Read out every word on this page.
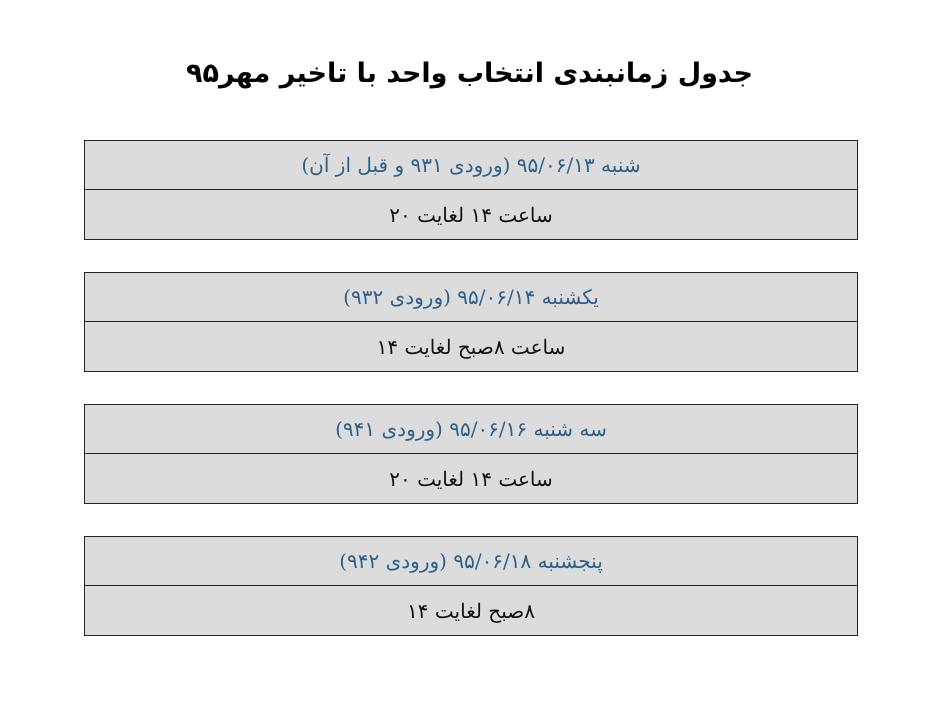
جدول زمانبندی انتخاب واحد با تاخیر مهر۹۵
شنبه ۹۵/۰۶/۱۳ (ورودی ۹۳۱ و قبل از آن)
ساعت ۱۴ لغایت ۲۰
یکشنبه ۹۵/۰۶/۱۴ (ورودی ۹۳۲)
ساعت ۸صبح لغایت ۱۴
سه شنبه ۹۵/۰۶/۱۶ (ورودی ۹۴۱)
ساعت ۱۴ لغایت ۲۰
پنجشنبه ۹۵/۰۶/۱۸ (ورودی ۹۴۲)
۸صبح لغایت ۱۴
